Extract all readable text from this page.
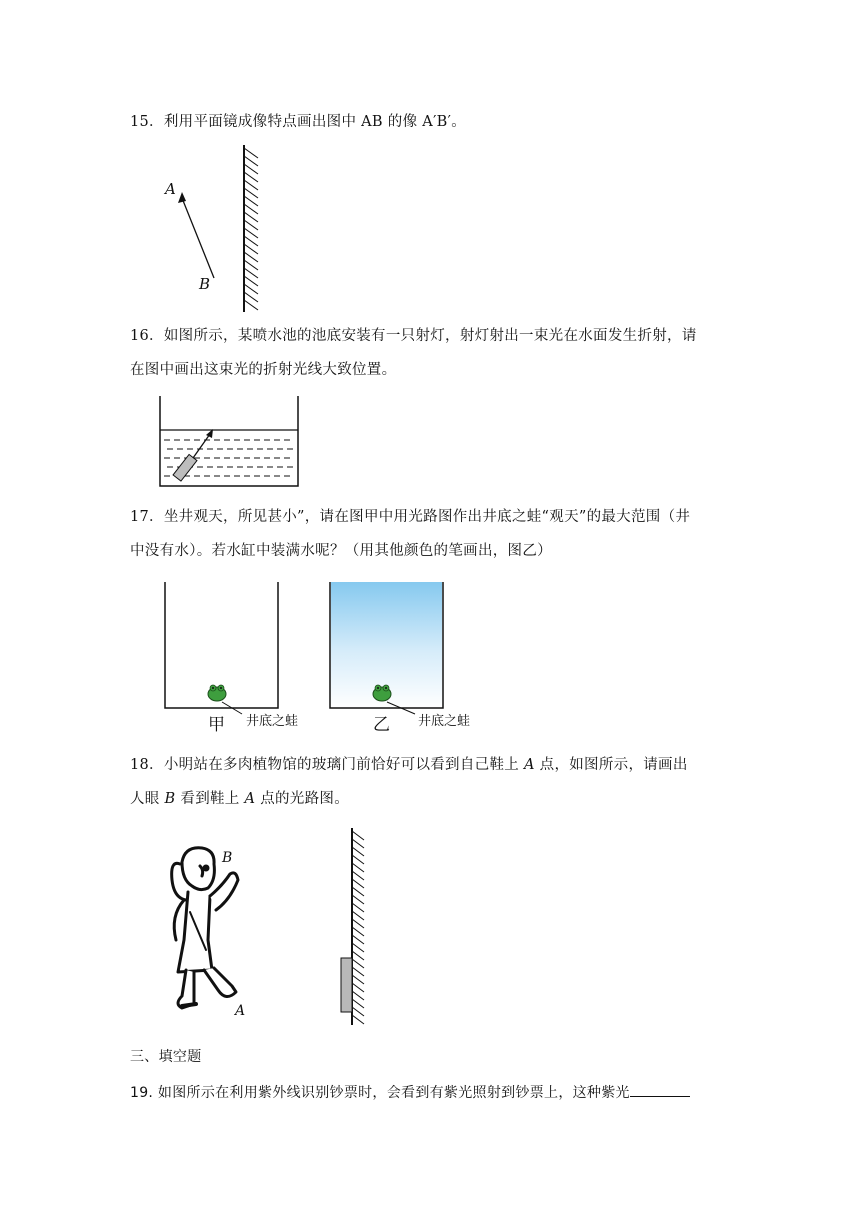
15．利用平面镜成像特点画出图中 AB 的像 A′B′。
A
B
16．如图所示，某喷水池的池底安装有一只射灯，射灯射出一束光在水面发生折射，请
在图中画出这束光的折射光线大致位置。
17．坐井观天，所见甚小”，请在图甲中用光路图作出井底之蛙“观天”的最大范围（井
中没有水）。若水缸中装满水呢？（用其他颜色的笔画出，图乙）
甲 井底之蛙	乙 井底之蛙
18．小明站在多肉植物馆的玻璃门前恰好可以看到自己鞋上 A 点，如图所示，请画出
人眼 B 看到鞋上 A 点的光路图。
B
A
三、填空题
19. 如图所示在利用紫外线识别钞票时，会看到有紫光照射到钞票上，这种紫光
